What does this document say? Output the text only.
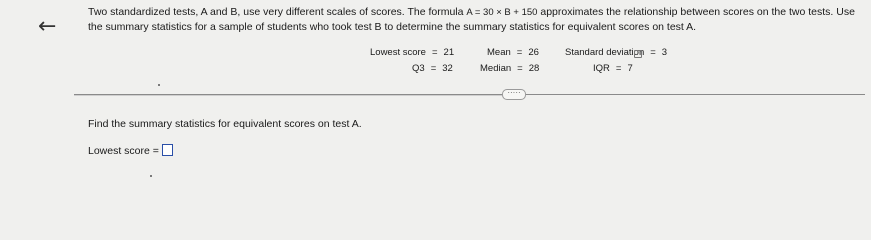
←
Two standardized tests, A and B, use very different scales of scores. The formula A = 30 × B + 150 approximates the relationship between scores on the two tests. Use the summary statistics for a sample of students who took test B to determine the summary statistics for equivalent scores on test A.
Lowest score = 21	Mean = 26	Standard deviation = 3
Q3 = 32	Median = 28	IQR = 7
·····
Find the summary statistics for equivalent scores on test A.
Lowest score =
